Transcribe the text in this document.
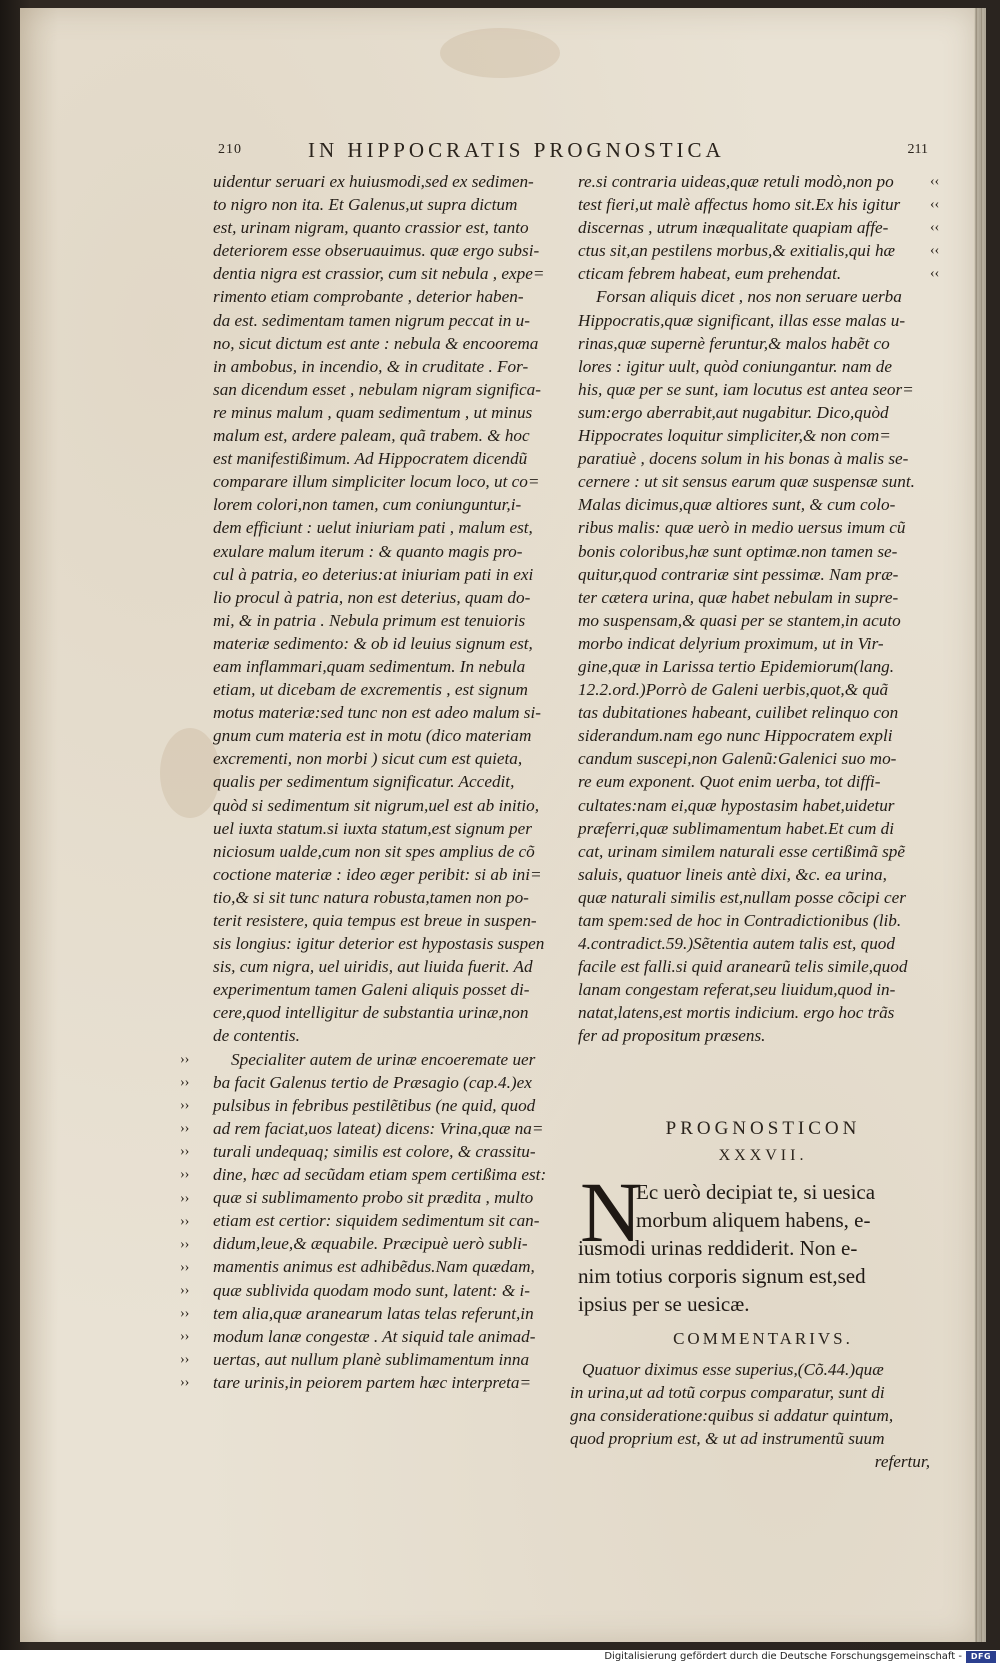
210	IN HIPPOCRATIS PROGNOSTICA	211
uidentur seruari ex huiusmodi,sed ex sedimen-
to nigro non ita. Et Galenus,ut supra dictum
est, urinam nigram, quanto crassior est, tanto
deteriorem esse obseruauimus. quæ ergo subsi-
dentia nigra est crassior, cum sit nebula , expe=
rimento etiam comprobante , deterior haben-
da est. sedimentam tamen nigrum peccat in u-
no, sicut dictum est ante : nebula & encoorema
in ambobus, in incendio, & in cruditate . For-
san dicendum esset , nebulam nigram significa-
re minus malum , quam sedimentum , ut minus
malum est, ardere paleam, quã trabem. & hoc
est manifestißimum. Ad Hippocratem dicendũ
comparare illum simpliciter locum loco, ut co=
lorem colori,non tamen, cum coniunguntur,i-
dem efficiunt : uelut iniuriam pati , malum est,
exulare malum iterum : & quanto magis pro-
cul à patria, eo deterius:at iniuriam pati in exi
lio procul à patria, non est deterius, quam do-
mi, & in patria . Nebula primum est tenuioris
materiæ sedimento: & ob id leuius signum est,
eam inflammari,quam sedimentum. In nebula
etiam, ut dicebam de excrementis , est signum
motus materiæ:sed tunc non est adeo malum si-
gnum cum materia est in motu (dico materiam
excrementi, non morbi ) sicut cum est quieta,
qualis per sedimentum significatur. Accedit,
quòd si sedimentum sit nigrum,uel est ab initio,
uel iuxta statum.si iuxta statum,est signum per
niciosum ualde,cum non sit spes amplius de cõ
coctione materiæ : ideo æger peribit: si ab ini=
tio,& si sit tunc natura robusta,tamen non po-
terit resistere, quia tempus est breue in suspen-
sis longius: igitur deterior est hypostasis suspen
sis, cum nigra, uel uiridis, aut liuida fuerit. Ad
experimentum tamen Galeni aliquis posset di-
cere,quod intelligitur de substantia urinæ,non
de contentis.
Specialiter autem de urinæ encoeremate uer
ba facit Galenus tertio de Præsagio (cap.4.)ex
pulsibus in febribus pestilẽtibus (ne quid, quod
ad rem faciat,uos lateat) dicens: Vrina,quæ na=
turali undequaq; similis est colore, & crassitu-
dine, hæc ad secũdam etiam spem certißima est:
quæ si sublimamento probo sit prædita , multo
etiam est certior: siquidem sedimentum sit can-
didum,leue,& æquabile. Præcipuè uerò subli-
mamentis animus est adhibẽdus.Nam quædam,
quæ sublividа quodam modo sunt, latent: & i-
tem alia,quæ aranearum latas telas referunt,in
modum lanæ congestæ . At siquid tale animad-
uertas, aut nullum planè sublimamentum inna
tare urinis,in peiorem partem hæc interpreta=
››
››
››
››
››
››
››
››
››
››
››
››
››
››
››
re.si contraria uideas,quæ retuli modò,non po
test fieri,ut malè affectus homo sit.Ex his igitur
discernas , utrum inæqualitate quapiam affe-
ctus sit,an pestilens morbus,& exitialis,qui hæ
cticam febrem habeat, eum prehendat.
Forsan aliquis dicet , nos non seruare uerba
Hippocratis,quæ significant, illas esse malas u-
rinas,quæ supernè feruntur,& malos habẽt co
lores : igitur uult, quòd coniungantur. nam de
his, quæ per se sunt, iam locutus est antea seor=
sum:ergo aberrabit,aut nugabitur. Dico,quòd
Hippocrates loquitur simpliciter,& non com=
paratiuè , docens solum in his bonas à malis se-
cernere : ut sit sensus earum quæ suspensæ sunt.
Malas dicimus,quæ altiores sunt, & cum colo-
ribus malis: quæ uerò in medio uersus imum cũ
bonis coloribus,hæ sunt optimæ.non tamen se-
quitur,quod contrariæ sint pessimæ. Nam præ-
ter cætera urina, quæ habet nebulam in supre-
mo suspensam,& quasi per se stantem,in acuto
morbo indicat delyrium proximum, ut in Vir-
gine,quæ in Larissa tertio Epidemiorum(lang.
12.2.ord.)Porrò de Galeni uerbis,quot,& quã
tas dubitationes habeant, cuilibet relinquo con
siderandum.nam ego nunc Hippocratem expli
candum suscepi,non Galenũ:Galenici suo mo-
re eum exponent. Quot enim uerba, tot diffi-
cultates:nam ei,quæ hypostasim habet,uidetur
præferri,quæ sublimamentum habet.Et cum di
cat, urinam similem naturali esse certißimã spẽ
saluis, quatuor lineis antè dixi, &c. ea urina,
quæ naturali similis est,nullam posse cõcipi cer
tam spem:sed de hoc in Contradictionibus (lib.
4.contradict.59.)Sẽtentia autem talis est, quod
facile est falli.si quid aranearũ telis simile,quod
lanam congestam referat,seu liuidum,quod in-
natat,latens,est mortis indicium. ergo hoc trãs
fer ad propositum præsens.
‹‹
‹‹
‹‹
‹‹
‹‹
PROGNOSTICON
XXXVII.
N
Ec uerò decipiat te, si uesica
morbum aliquem habens, e-
iusmodi urinas reddiderit. Non e-
nim totius corporis signum est,sed
ipsius per se uesicæ.
COMMENTARIVS.
Quatuor diximus esse superius,(Cõ.44.)quæ
in urina,ut ad totũ corpus comparatur, sunt di
gna consideratione:quibus si addatur quintum,
quod proprium est, & ut ad instrumentũ suum
refertur,
Digitalisierung gefördert durch die Deutsche Forschungsgemeinschaft -	DFG
